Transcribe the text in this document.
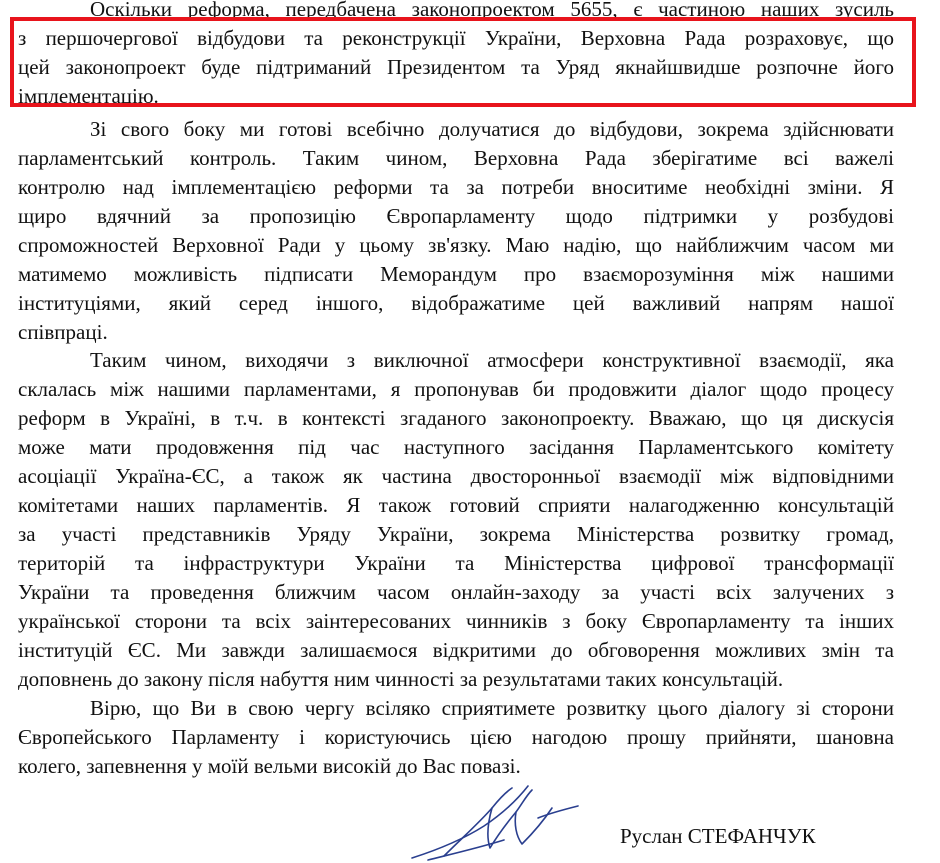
Оскільки реформа, передбачена законопроектом 5655, є частиною наших зусиль
з першочергової відбудови та реконструкції України, Верховна Рада розраховує, що
цей законопроект буде підтриманий Президентом та Уряд якнайшвидше розпочне його
імплементацію.
Зі свого боку ми готові всебічно долучатися до відбудови, зокрема здійснювати
парламентський контроль. Таким чином, Верховна Рада зберігатиме всі важелі
контролю над імплементацією реформи та за потреби вноситиме необхідні зміни. Я
щиро вдячний за пропозицію Європарламенту щодо підтримки у розбудові
спроможностей Верховної Ради у цьому зв'язку. Маю надію, що найближчим часом ми
матимемо можливість підписати Меморандум про взаєморозуміння між нашими
інституціями, який серед іншого, відображатиме цей важливий напрям нашої
співпраці.
Таким чином, виходячи з виключної атмосфери конструктивної взаємодії, яка
склалась між нашими парламентами, я пропонував би продовжити діалог щодо процесу
реформ в Україні, в т.ч. в контексті згаданого законопроекту. Вважаю, що ця дискусія
може мати продовження під час наступного засідання Парламентського комітету
асоціації Україна-ЄС, а також як частина двосторонньої взаємодії між відповідними
комітетами наших парламентів. Я також готовий сприяти налагодженню консультацій
за участі представників Уряду України, зокрема Міністерства розвитку громад,
територій та інфраструктури України та Міністерства цифрової трансформації
України та проведення ближчим часом онлайн-заходу за участі всіх залучених з
української сторони та всіх заінтересованих чинників з боку Європарламенту та інших
інституцій ЄС. Ми завжди залишаємося відкритими до обговорення можливих змін та
доповнень до закону після набуття ним чинності за результатами таких консультацій.
Вірю, що Ви в свою чергу всіляко сприятимете розвитку цього діалогу зі сторони
Європейського Парламенту і користуючись цією нагодою прошу прийняти, шановна
колего, запевнення у моїй вельми високій до Вас повазі.
Руслан СТЕФАНЧУК
